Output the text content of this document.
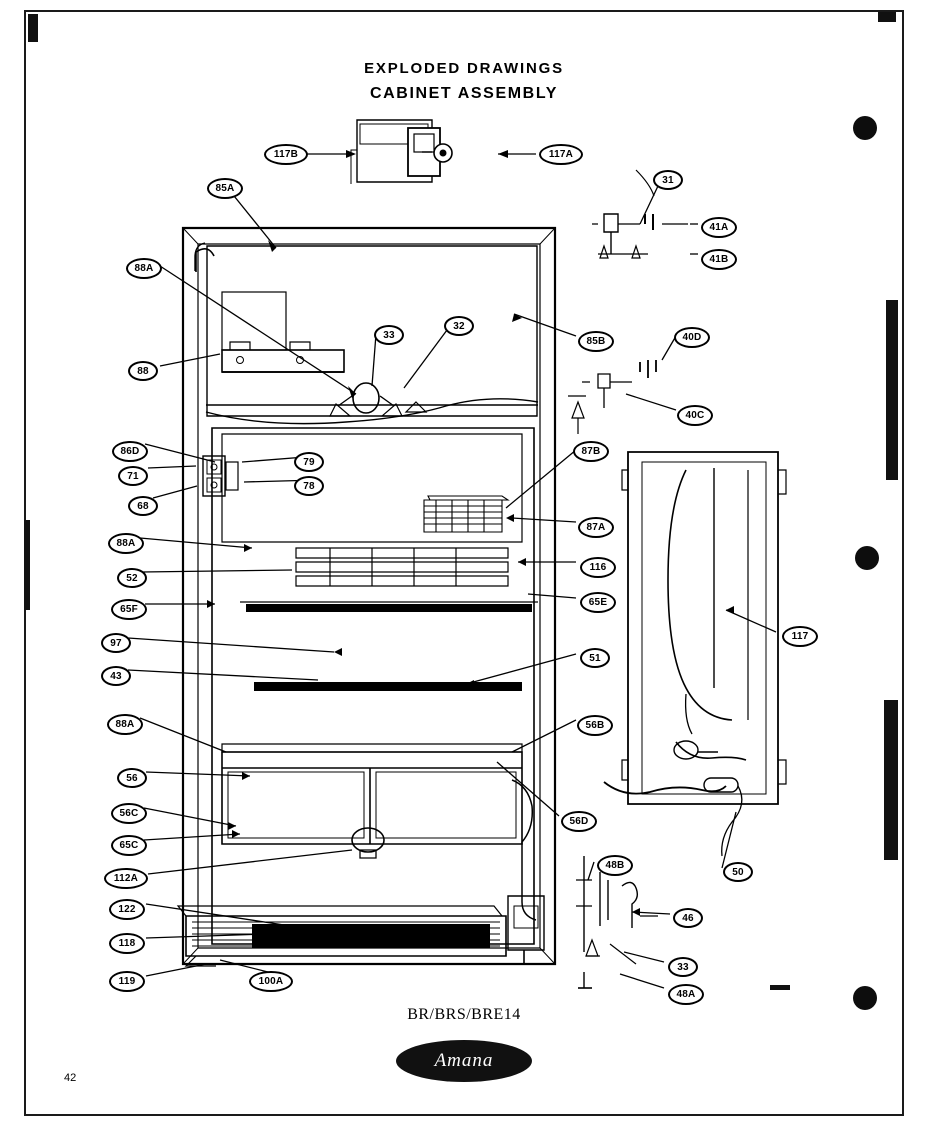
EXPLODED DRAWINGS
CABINET ASSEMBLY
BR/BRS/BRE14
42
Amana
117B	117A
85A
31
41A
41B
88A
33
32
85B	40D
88
40C
86D	87B
79
71
78
68
87A
88A
52
116
65F
65E
97
51
43
88A	56B
117
56
56C
56D
65C
112A
48B
122
50
46
118
100A
119
33
48A
